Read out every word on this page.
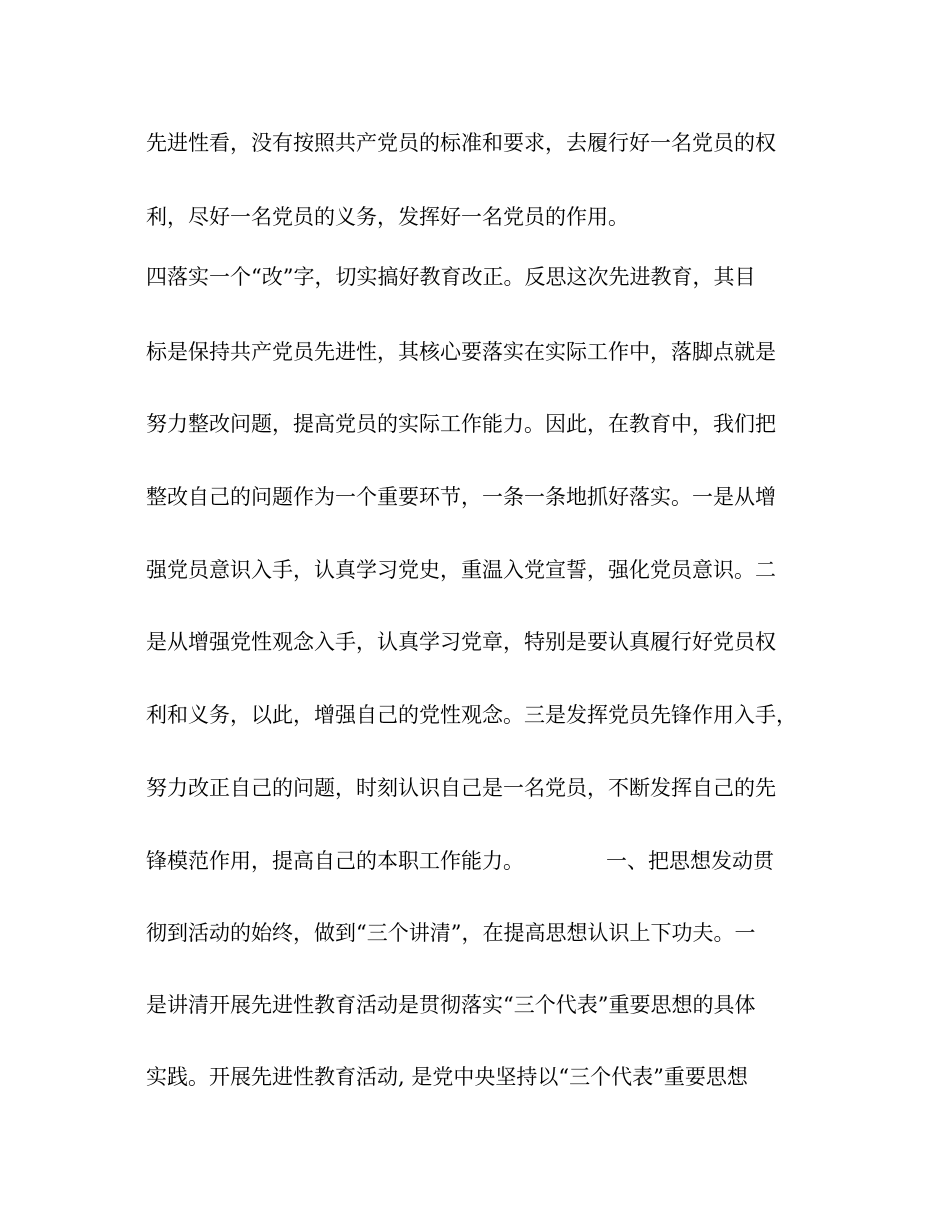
先进性看，没有按照共产党员的标准和要求，去履行好一名党员的权

利，尽好一名党员的义务，发挥好一名党员的作用。

四落实一个“改”字，切实搞好教育改正。反思这次先进教育，其目

标是保持共产党员先进性，其核心要落实在实际工作中，落脚点就是

努力整改问题，提高党员的实际工作能力。因此，在教育中，我们把

整改自己的问题作为一个重要环节，一条一条地抓好落实。一是从增

强党员意识入手，认真学习党史，重温入党宣誓，强化党员意识。二

是从增强党性观念入手，认真学习党章，特别是要认真履行好党员权

利和义务，以此，增强自己的党性观念。三是发挥党员先锋作用入手，

努力改正自己的问题，时刻认识自己是一名党员，不断发挥自己的先

锋模范作用，提高自己的本职工作能力。	一、把思想发动贯

彻到活动的始终，做到“三个讲清”，在提高思想认识上下功夫。一

是讲清开展先进性教育活动是贯彻落实“三个代表”重要思想的具体

实践。开展先进性教育活动, 是党中央坚持以“三个代表”重要思想
